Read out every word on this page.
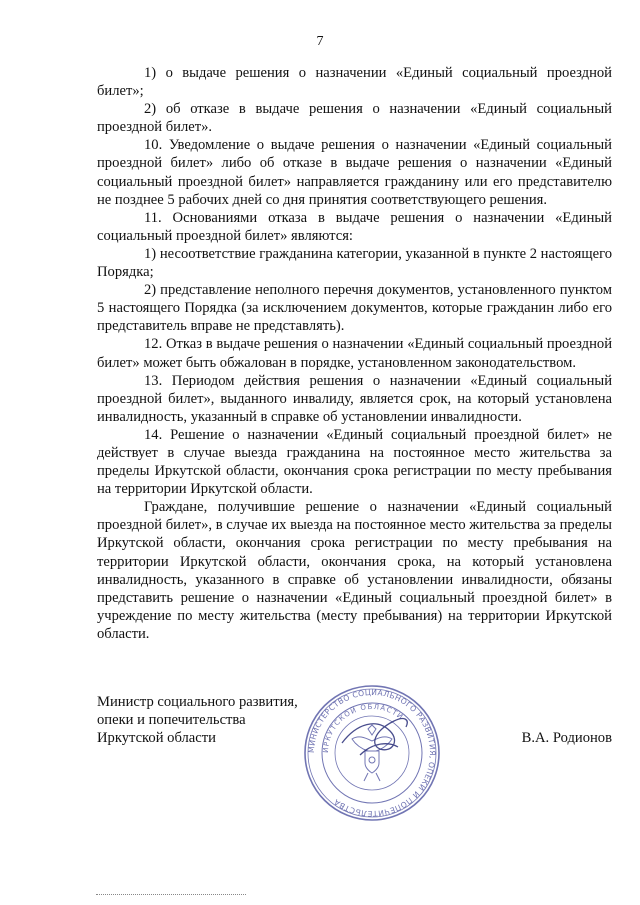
7

1) о выдаче решения о назначении «Единый социальный проездной билет»;

2) об отказе в выдаче решения о назначении «Единый социальный проездной билет».

10. Уведомление о выдаче решения о назначении «Единый социальный проездной билет» либо об отказе в выдаче решения о назначении «Единый социальный проездной билет» направляется гражданину или его представителю не позднее 5 рабочих дней со дня принятия соответствующего решения.

11. Основаниями отказа в выдаче решения о назначении «Единый социальный проездной билет» являются:

1) несоответствие гражданина категории, указанной в пункте 2 настоящего Порядка;

2) представление неполного перечня документов, установленного пунктом 5 настоящего Порядка (за исключением документов, которые гражданин либо его представитель вправе не представлять).

12. Отказ в выдаче решения о назначении «Единый социальный проездной билет» может быть обжалован в порядке, установленном законодательством.

13. Периодом действия решения о назначении «Единый социальный проездной билет», выданного инвалиду, является срок, на который установлена инвалидность, указанный в справке об установлении инвалидности.

14. Решение о назначении «Единый социальный проездной билет» не действует в случае выезда гражданина на постоянное место жительства за пределы Иркутской области, окончания срока регистрации по месту пребывания на территории Иркутской области.

Граждане, получившие решение о назначении «Единый социальный проездной билет», в случае их выезда на постоянное место жительства за пределы Иркутской области, окончания срока регистрации по месту пребывания на территории Иркутской области, окончания срока, на который установлена инвалидность, указанного в справке об установлении инвалидности, обязаны представить решение о назначении «Единый социальный проездной билет» в учреждение по месту жительства (месту пребывания) на территории Иркутской области.

Министр социального развития,
опеки и попечительства
Иркутской области
МИНИСТЕРСТВО СОЦИАЛЬНОГО РАЗВИТИЯ, ОПЕКИ И ПОПЕЧИТЕЛЬСТВА
ИРКУТСКОЙ ОБЛАСТИ
В.А. Родионов
